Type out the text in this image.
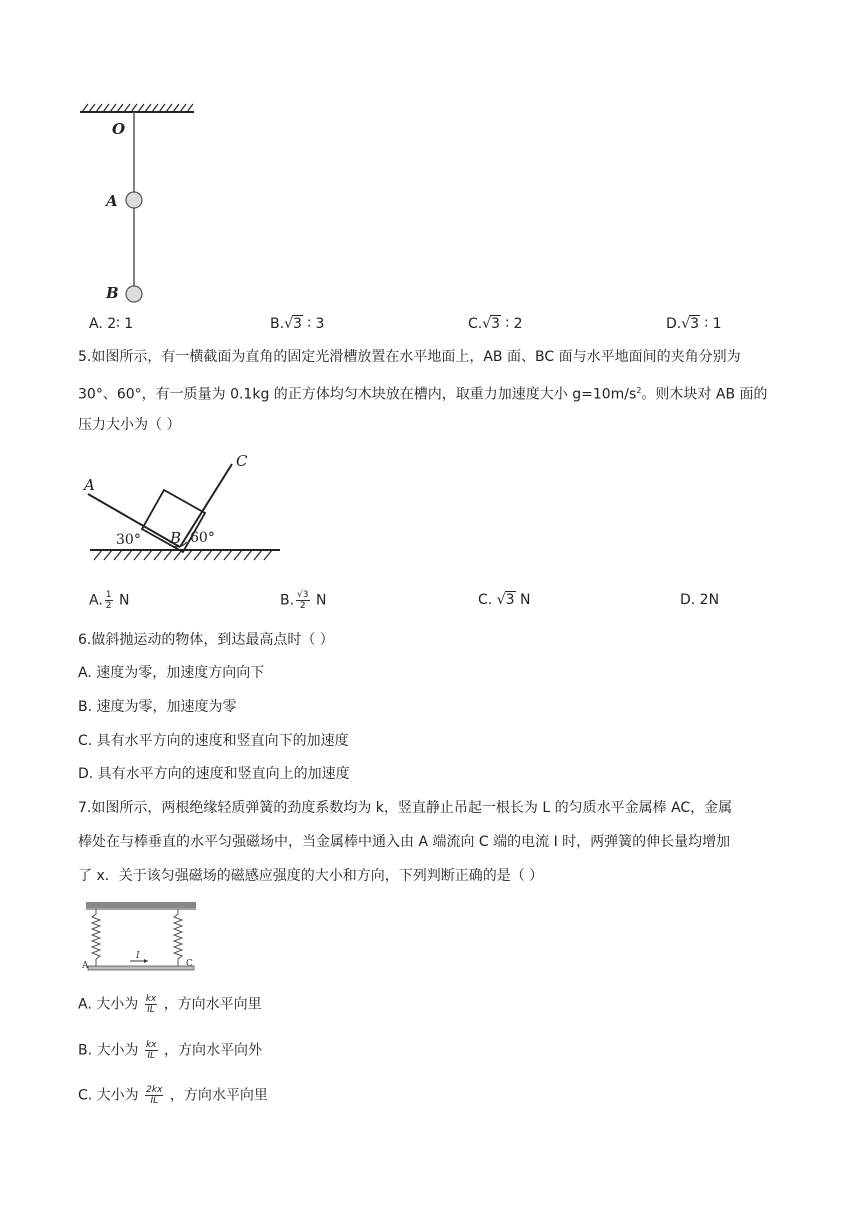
O
A
B
A. 2∶ 1	B.√3 ∶ 3	C.√3 ∶ 2	D.√3 ∶ 1
5.如图所示，有一横截面为直角的固定光滑槽放置在水平地面上，AB 面、BC 面与水平地面间的夹角分别为
30°、60°，有一质量为 0.1kg 的正方体均匀木块放在槽内，取重力加速度大小 $g=10m/s^2$。则木块对 AB 面的
压力大小为（ ）
A
B
C
30°	60°
A. $\frac{1}{2}$ N	B. $\frac{√3}{2}$ N	C. √3 N	D. 2N
6.做斜抛运动的物体，到达最高点时（ ）
A. 速度为零，加速度方向向下
B. 速度为零，加速度为零
C. 具有水平方向的速度和竖直向下的加速度
D. 具有水平方向的速度和竖直向上的加速度
7.如图所示，两根绝缘轻质弹簧的劲度系数均为 k，竖直静止吊起一根长为 L 的匀质水平金属棒 AC，金属
棒处在与棒垂直的水平匀强磁场中，当金属棒中通入由 A 端流向 C 端的电流 I 时，两弹簧的伸长量均增加
了 x．关于该匀强磁场的磁感应强度的大小和方向，下列判断正确的是（ ）
I
A	C
A. 大小为 $\frac{kx}{IL}$ ，方向水平向里
B. 大小为 $\frac{kx}{IL}$ ，方向水平向外
C. 大小为 $\frac{2kx}{IL}$ ，方向水平向里
